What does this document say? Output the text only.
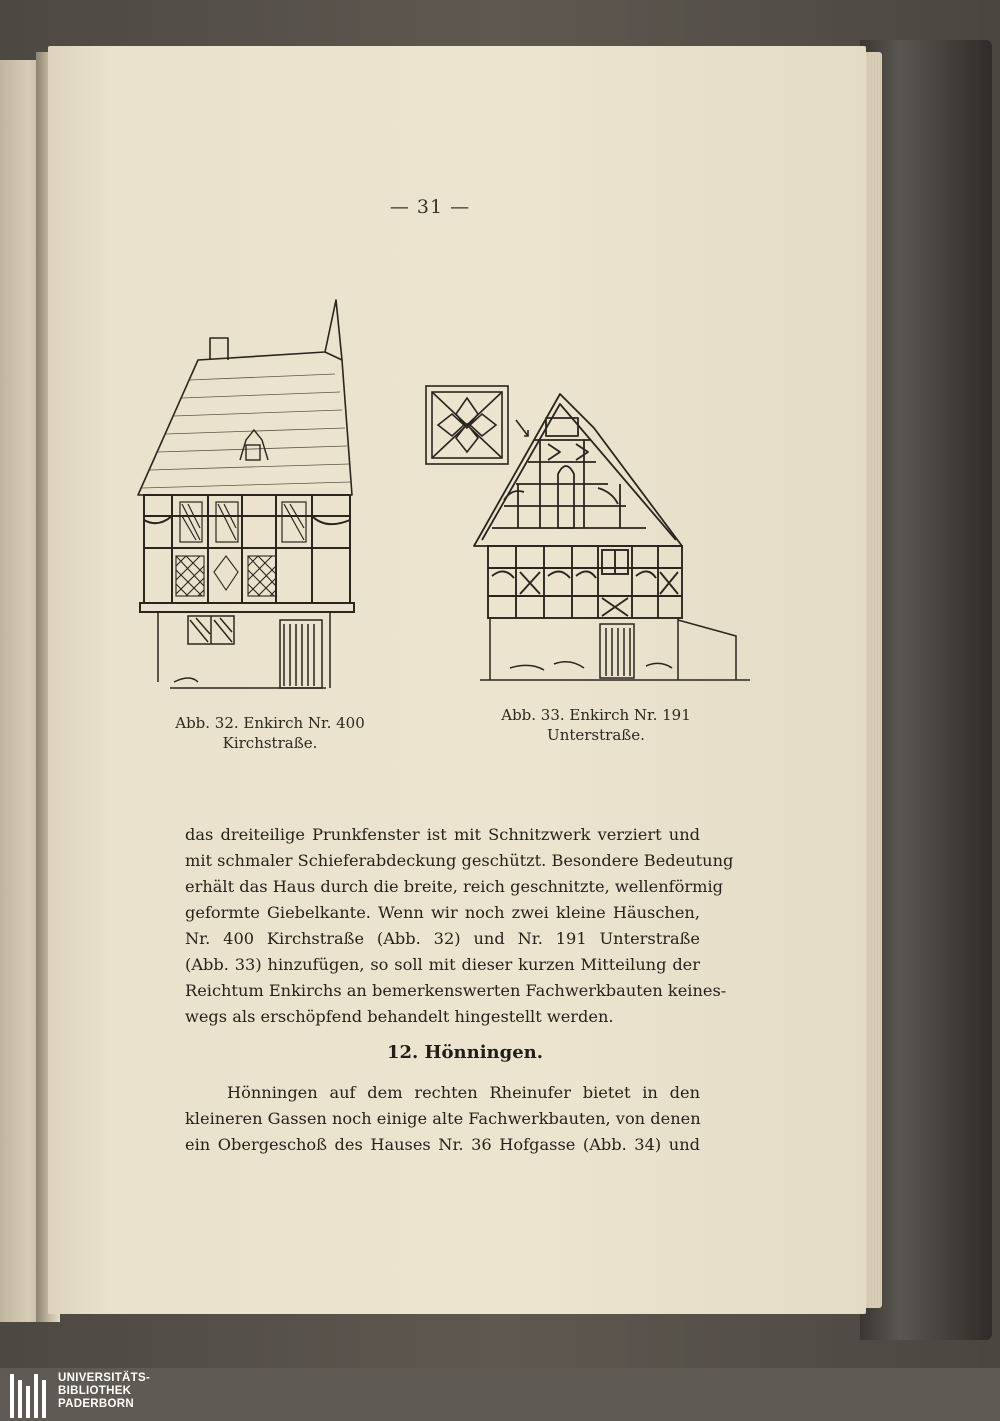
— 31 —
Abb. 32. Enkirch Nr. 400
Kirchstraße.
Abb. 33. Enkirch Nr. 191
Unterstraße.
das dreiteilige Prunkfenster ist mit Schnitzwerk verziert und
mit schmaler Schieferabdeckung geschützt. Besondere Bedeutung
erhält das Haus durch die breite, reich geschnitzte, wellenförmig
geformte Giebelkante. Wenn wir noch zwei kleine Häuschen,
Nr. 400 Kirchstraße (Abb. 32) und Nr. 191 Unterstraße
(Abb. 33) hinzufügen, so soll mit dieser kurzen Mitteilung der
Reichtum Enkirchs an bemerkenswerten Fachwerkbauten keines-
wegs als erschöpfend behandelt hingestellt werden.
12. Hönningen.
Hönningen auf dem rechten Rheinufer bietet in den
kleineren Gassen noch einige alte Fachwerkbauten, von denen
ein Obergeschoß des Hauses Nr. 36 Hofgasse (Abb. 34) und
UNIVERSITÄTS-
BIBLIOTHEK
PADERBORN
